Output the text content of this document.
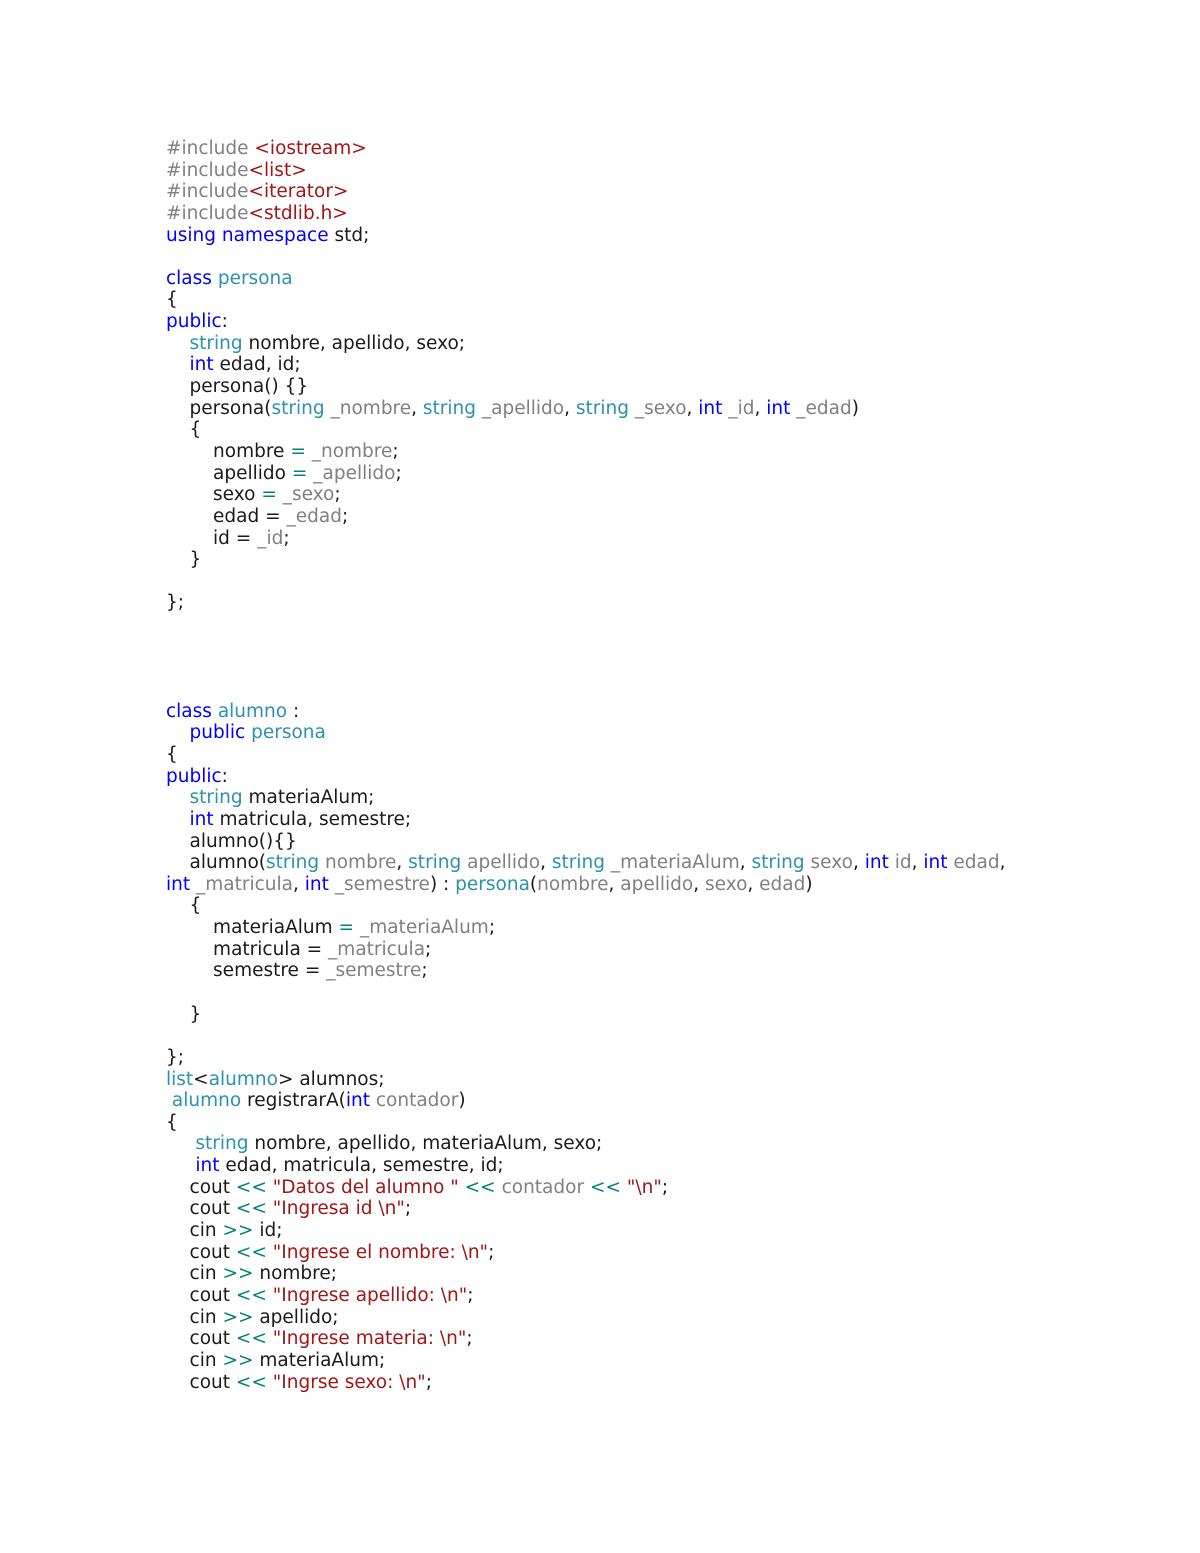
#include <iostream>
#include<list>
#include<iterator>
#include<stdlib.h>
using namespace std;
class persona
{
public:
string nombre, apellido, sexo;
int edad, id;
persona() {}
persona(string _nombre, string _apellido, string _sexo, int _id, int _edad)
{
nombre = _nombre;
apellido = _apellido;
sexo = _sexo;
edad = _edad;
id = _id;
}
};
class alumno :
public persona
{
public:
string materiaAlum;
int matricula, semestre;
alumno(){}
alumno(string nombre, string apellido, string _materiaAlum, string sexo, int id, int edad,
int _matricula, int _semestre) : persona(nombre, apellido, sexo, edad)
{
materiaAlum = _materiaAlum;
matricula = _matricula;
semestre = _semestre;
}
};
list<alumno> alumnos;
alumno registrarA(int contador)
{
string nombre, apellido, materiaAlum, sexo;
int edad, matricula, semestre, id;
cout << "Datos del alumno " << contador << "\n";
cout << "Ingresa id \n";
cin >> id;
cout << "Ingrese el nombre: \n";
cin >> nombre;
cout << "Ingrese apellido: \n";
cin >> apellido;
cout << "Ingrese materia: \n";
cin >> materiaAlum;
cout << "Ingrse sexo: \n";
